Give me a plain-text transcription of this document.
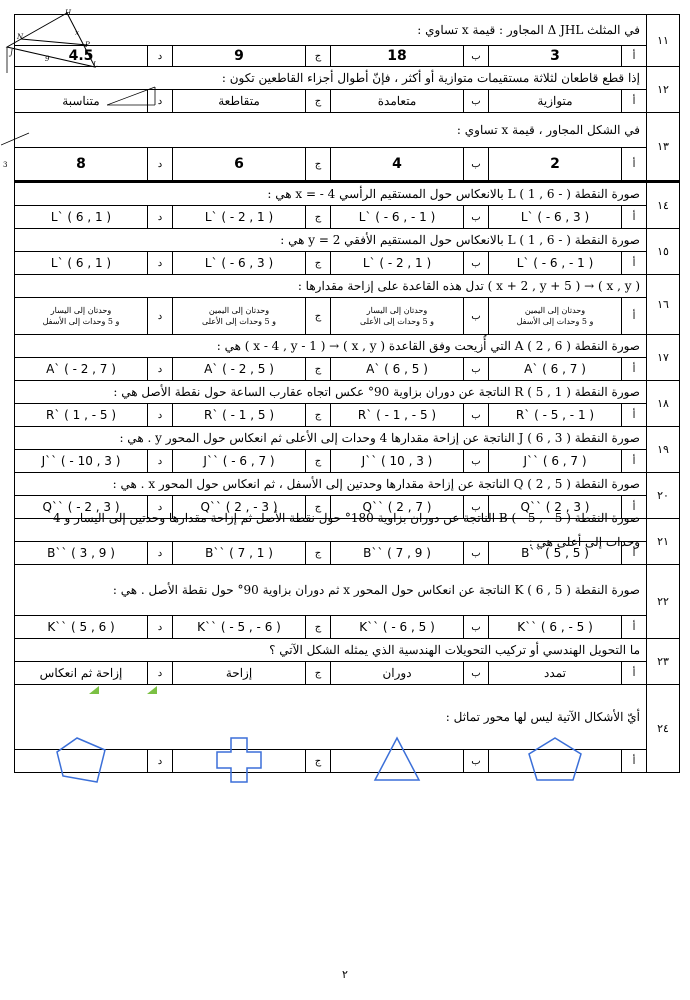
١١
في المثلث Δ JHL المجاور : قيمة x تساوي :
أ
3
ب
18
ج
9
د
4.5
H
J
P
N
L
9
x
١٢
إذا قطع قاطعان لثلاثة مستقيمات متوازية أو أكثر ، فإنّ أطوال أجزاء القاطعين تكون :
أ
متوازية
ب
متعامدة
ج
متقاطعة
د
متناسبة
١٣
في الشكل المجاور ، قيمة x تساوي :
أ
2
ب
4
ج
6
د
8
3
١٤
صورة النقطة L ( 1 , 6 - ) بالانعكاس حول المستقيم الرأسي x = - 4 هي :
أ
L` ( - 6 , 3 )
ب
L` ( - 6 , - 1 )
ج
L` ( - 2 , 1 )
د
L` ( 6 , 1 )
١٥
صورة النقطة L ( 1 , 6 - ) بالانعكاس حول المستقيم الأفقي y = 2 هي :
أ
L` ( - 6 , - 1 )
ب
L` ( - 2 , 1 )
ج
L` ( - 6 , 3 )
د
L` ( 6 , 1 )
١٦
( x , y ) → ( x + 2 , y + 5 ) تدل هذه القاعدة على إزاحة مقدارها :
أ
وحدتان إلى اليمين
و 5 وحدات إلى الأسفل
ب
وحدتان إلى اليسار
و 5 وحدات إلى الأعلى
ج
وحدتان إلى اليمين
و 5 وحدات إلى الأعلى
د
وحدتان إلى اليسار
و 5 وحدات إلى الأسفل
١٧
صورة النقطة A ( 2 , 6 ) التي أُزيحت وفق القاعدة ( x , y ) → ( x - 4 , y - 1 ) هي :
أ
A` ( 6 , 7 )
ب
A` ( 6 , 5 )
ج
A` ( - 2 , 5 )
د
A` ( - 2 , 7 )
١٨
صورة النقطة R ( 5 , 1 ) الناتجة عن دوران بزاوية 90° عكس اتجاه عقارب الساعة حول نقطة الأصل هي :
أ
R` ( - 5 , - 1 )
ب
R` ( - 1 , - 5 )
ج
R` ( - 1 , 5 )
د
R` ( 1 , - 5 )
١٩
صورة النقطة J ( 6 , 3 ) الناتجة عن إزاحة مقدارها 4 وحدات إلى الأعلى ثم انعكاس حول المحور y . هي :
أ
J`` ( 6 , 7 )
ب
J`` ( 10 , 3 )
ج
J`` ( - 6 , 7 )
د
J`` ( - 10 , 3 )
٢٠
صورة النقطة Q ( 2 , 5 ) الناتجة عن إزاحة مقدارها وحدتين إلى الأسفل ، ثم انعكاس حول المحور x . هي :
أ
Q`` ( 2 , 3 )
ب
Q`` ( 2 , 7 )
ج
Q`` ( 2 , - 3 )
د
Q`` ( - 2 , 3 )
٢١
صورة النقطة B ( - 5 , - 5 ) الناتجة عن دوران بزاوية 180° حول نقطة الأصل ثم إزاحة مقدارها وحدتين إلى اليسار و 4
وحدات إلى أعلى هي :
أ
B`` ( 5 , 5 )
ب
B`` ( 7 , 9 )
ج
B`` ( 7 , 1 )
د
B`` ( 3 , 9 )
٢٢
صورة النقطة K ( 6 , 5 ) الناتجة عن انعكاس حول المحور x ثم دوران بزاوية 90° حول نقطة الأصل . هي :
أ
K`` ( 6 , - 5 )
ب
K`` ( - 6 , 5 )
ج
K`` ( - 5 , - 6 )
د
K`` ( 5 , 6 )
٢٣
ما التحويل الهندسي أو تركيب التحويلات الهندسية الذي يمثله الشكل الآتي ؟
أ
تمدد
ب
دوران
ج
إزاحة
د
إزاحة ثم انعكاس
٢٤
أيّ الأشكال الآتية ليس لها محور تماثل :
أ
ب
ج
د
٢
